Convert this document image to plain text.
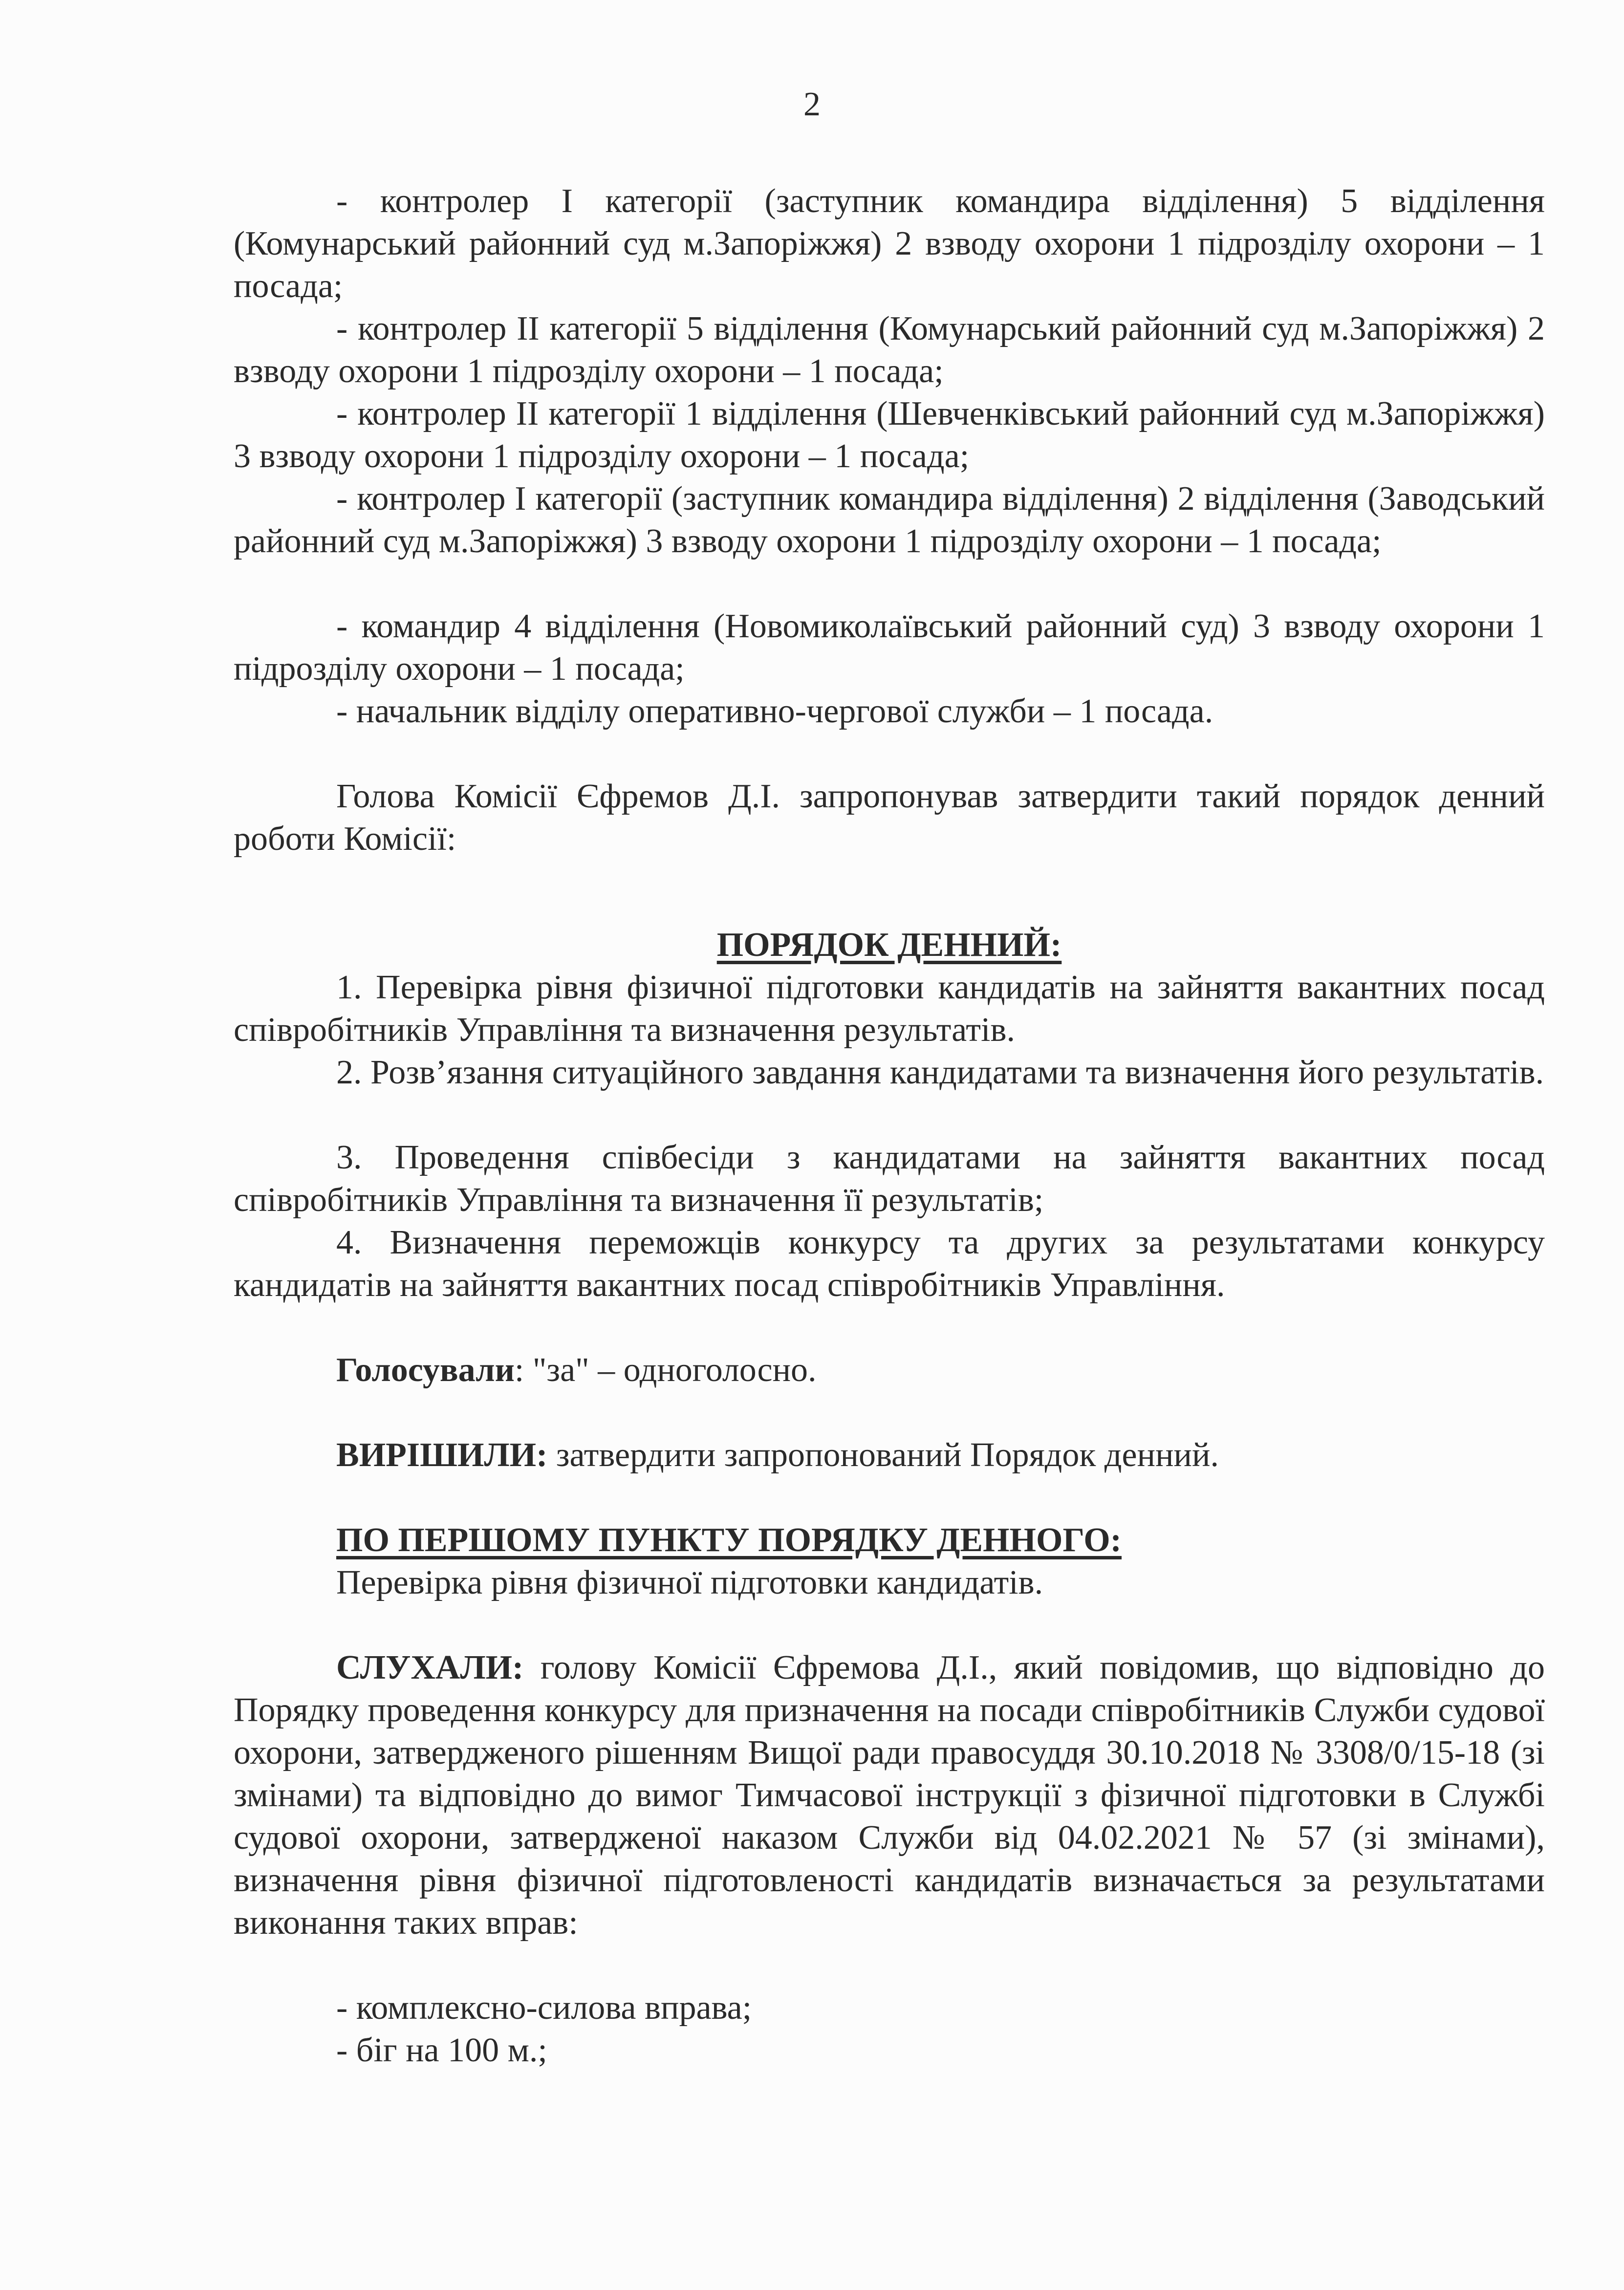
2

- контролер І категорії (заступник командира відділення) 5 відділення (Комунарський районний суд м.Запоріжжя) 2 взводу охорони 1 підрозділу охорони – 1 посада;

- контролер ІІ категорії 5 відділення (Комунарський районний суд м.Запоріжжя) 2 взводу охорони 1 підрозділу охорони – 1 посада;

- контролер ІІ категорії 1 відділення (Шевченківський районний суд м.Запоріжжя) 3 взводу охорони 1 підрозділу охорони – 1 посада;

- контролер І категорії (заступник командира відділення) 2 відділення (Заводський районний суд м.Запоріжжя) 3 взводу охорони 1 підрозділу охорони – 1 посада;

- командир 4 відділення (Новомиколаївський районний суд) 3 взводу охорони 1 підрозділу охорони – 1 посада;

- начальник відділу оперативно-чергової служби – 1 посада.

Голова Комісії Єфремов Д.І. запропонував затвердити такий порядок денний роботи Комісії:

ПОРЯДОК ДЕННИЙ:

1. Перевірка рівня фізичної підготовки кандидатів на зайняття вакантних посад співробітників Управління та визначення результатів.

2. Розв’язання ситуаційного завдання кандидатами та визначення його результатів.

3. Проведення співбесіди з кандидатами на зайняття вакантних посад співробітників Управління та визначення її результатів;

4. Визначення переможців конкурсу та других за результатами конкурсу кандидатів на зайняття вакантних посад співробітників Управління.

Голосували: "за" – одноголосно.

ВИРІШИЛИ: затвердити запропонований Порядок денний.

ПО ПЕРШОМУ ПУНКТУ ПОРЯДКУ ДЕННОГО:

Перевірка рівня фізичної підготовки кандидатів.

СЛУХАЛИ: голову Комісії Єфремова Д.І., який повідомив, що відповідно до Порядку проведення конкурсу для призначення на посади співробітників Служби судової охорони, затвердженого рішенням Вищої ради правосуддя 30.10.2018 № 3308/0/15-18 (зі змінами) та відповідно до вимог Тимчасової інструкції з фізичної підготовки в Службі судової охорони, затвердженої наказом Служби від 04.02.2021 № 57 (зі змінами), визначення рівня фізичної підготовленості кандидатів визначається за результатами виконання таких вправ:

- комплексно-силова вправа;

- біг на 100 м.;
